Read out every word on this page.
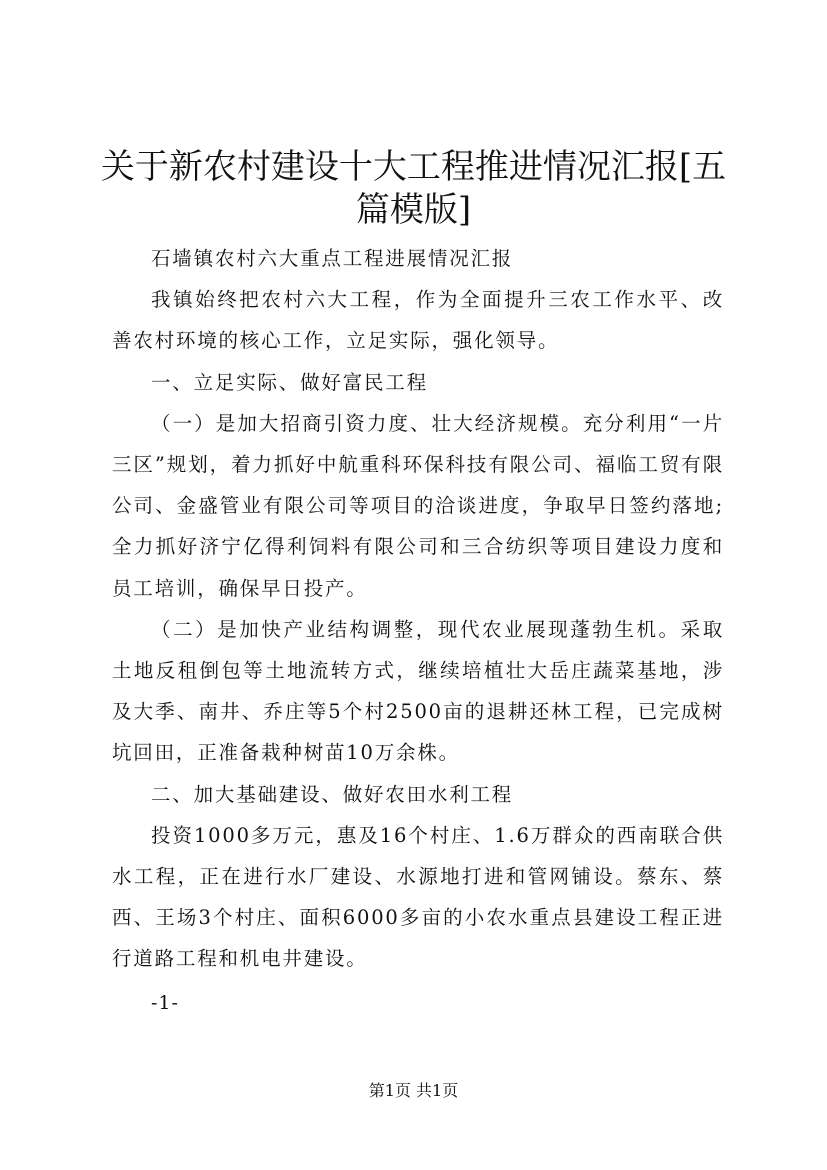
关于新农村建设十大工程推进情况汇报[五篇模版]

石墙镇农村六大重点工程进展情况汇报

我镇始终把农村六大工程，作为全面提升三农工作水平、改善农村环境的核心工作，立足实际，强化领导。

一、立足实际、做好富民工程

（一）是加大招商引资力度、壮大经济规模。充分利用“一片三区”规划，着力抓好中航重科环保科技有限公司、福临工贸有限公司、金盛管业有限公司等项目的洽谈进度，争取早日签约落地;全力抓好济宁亿得利饲料有限公司和三合纺织等项目建设力度和员工培训，确保早日投产。

（二）是加快产业结构调整，现代农业展现蓬勃生机。采取土地反租倒包等土地流转方式，继续培植壮大岳庄蔬菜基地，涉及大季、南井、乔庄等5个村2500亩的退耕还林工程，已完成树坑回田，正准备栽种树苗10万余株。

二、加大基础建设、做好农田水利工程

投资1000多万元，惠及16个村庄、1.6万群众的西南联合供水工程，正在进行水厂建设、水源地打进和管网铺设。蔡东、蔡西、王场3个村庄、面积6000多亩的小农水重点县建设工程正进行道路工程和机电井建设。

-1-
第1页 共1页
